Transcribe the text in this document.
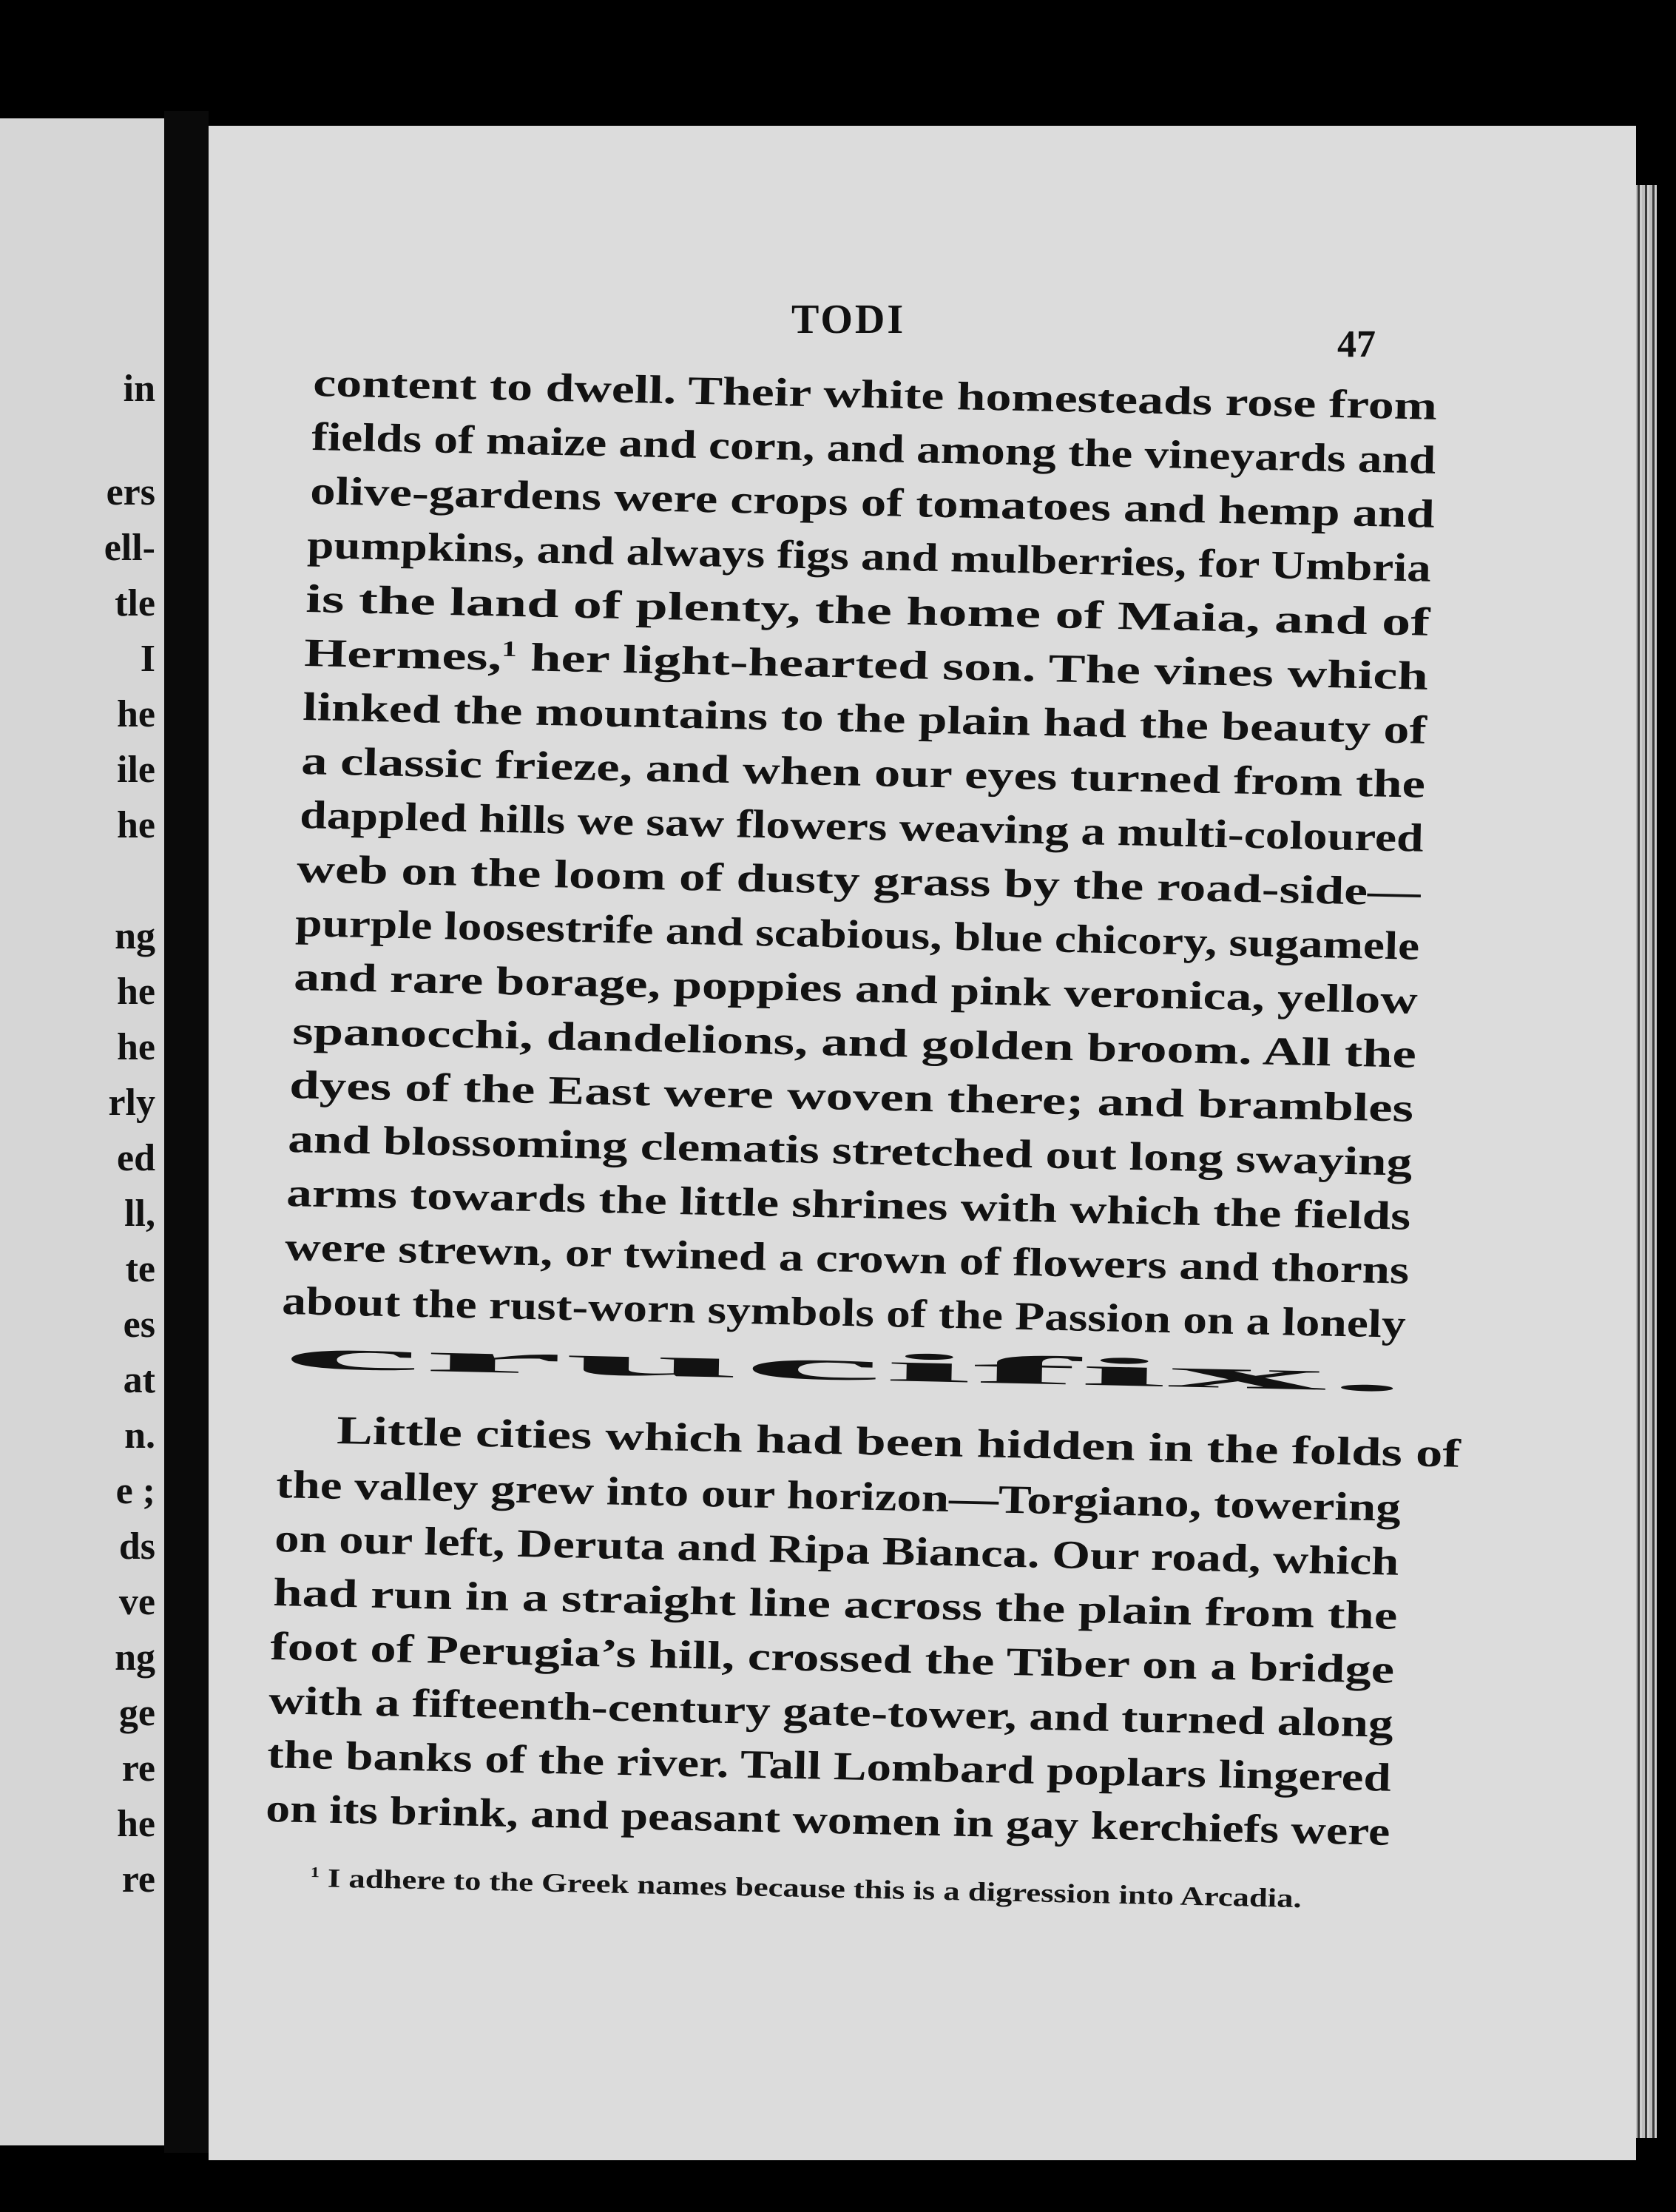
in
ers
ell-
tle
I
he
ile
he
ng
he
he
rly
ed
ll,
te
es
at
n.
e ;
ds
ve
ng
ge
re
he
re
TODI
47
content to dwell. Their white homesteads rose from
fields of maize and corn, and among the vineyards and
olive-gardens were crops of tomatoes and hemp and
pumpkins, and always figs and mulberries, for Umbria
is the land of plenty, the home of Maia, and of
Hermes,$^1$ her light-hearted son. The vines which
linked the mountains to the plain had the beauty of
a classic frieze, and when our eyes turned from the
dappled hills we saw flowers weaving a multi-coloured
web on the loom of dusty grass by the road-side—
purple loosestrife and scabious, blue chicory, sugamele
and rare borage, poppies and pink veronica, yellow
spanocchi, dandelions, and golden broom. All the
dyes of the East were woven there; and brambles
and blossoming clematis stretched out long swaying
arms towards the little shrines with which the fields
were strewn, or twined a crown of flowers and thorns
about the rust-worn symbols of the Passion on a lonely
crucifix.
Little cities which had been hidden in the folds of
the valley grew into our horizon—Torgiano, towering
on our left, Deruta and Ripa Bianca. Our road, which
had run in a straight line across the plain from the
foot of Perugia’s hill, crossed the Tiber on a bridge
with a fifteenth-century gate-tower, and turned along
the banks of the river. Tall Lombard poplars lingered
on its brink, and peasant women in gay kerchiefs were
$^1$ I adhere to the Greek names because this is a digression into Arcadia.
